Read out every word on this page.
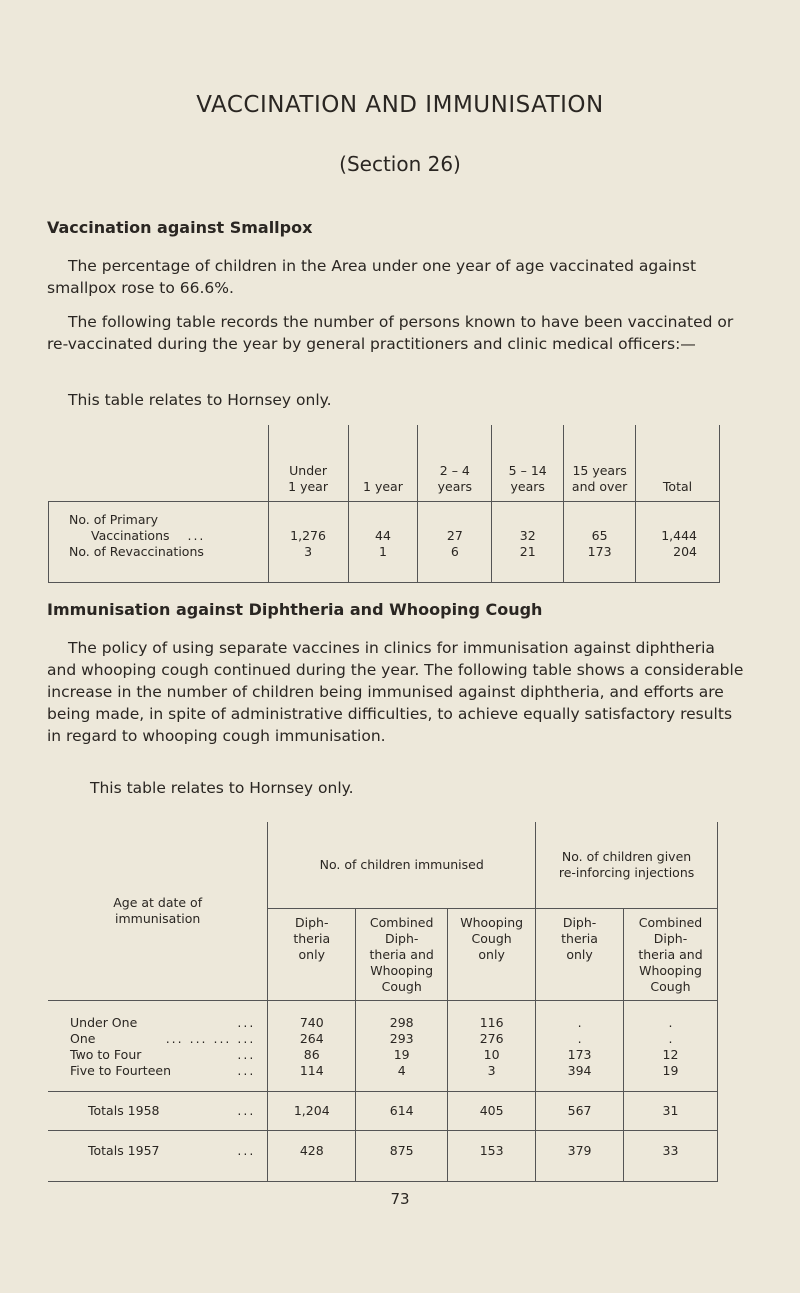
VACCINATION AND IMMUNISATION
(Section 26)
Vaccination against Smallpox
The percentage of children in the Area under one year of age vaccinated against smallpox rose to 66.6%.
The following table records the number of persons known to have been vaccinated or re-vaccinated during the year by general practitioners and clinic medical officers:—
This table relates to Hornsey only.
	Under
1 year	1 year	2 – 4
years	5 – 14
years	15 years
and over	Total

No. of Primary
Vaccinations ...	1,276	44	27	32	65	1,444
No. of Revaccinations	3	1	6	21	173	204
Immunisation against Diphtheria and Whooping Cough
The policy of using separate vaccines in clinics for immunisation against diphtheria and whooping cough continued during the year. The following table shows a considerable increase in the number of children being immunised against diphtheria, and efforts are being made, in spite of administrative difficulties, to achieve equally satisfactory results in regard to whooping cough immunisation.
This table relates to Hornsey only.
Age at date of immunisation	No. of children immunised			No. of children given re-inforcing injections	
	Diph-
theria
only	Combined
Diph-
theria and
Whooping
Cough	Whooping
Cough
only	Diph-
theria
only	Combined
Diph-
theria and
Whooping
Cough
Under One ...	740	298	116	.	.
One ... ... ... ...	264	293	276	.	.
Two to Four ...	86	19	10	173	12
Five to Fourteen ...	114	4	3	394	19
Totals 1958 ...	1,204	614	405	567	31
Totals 1957 ...	428	875	153	379	33
73
